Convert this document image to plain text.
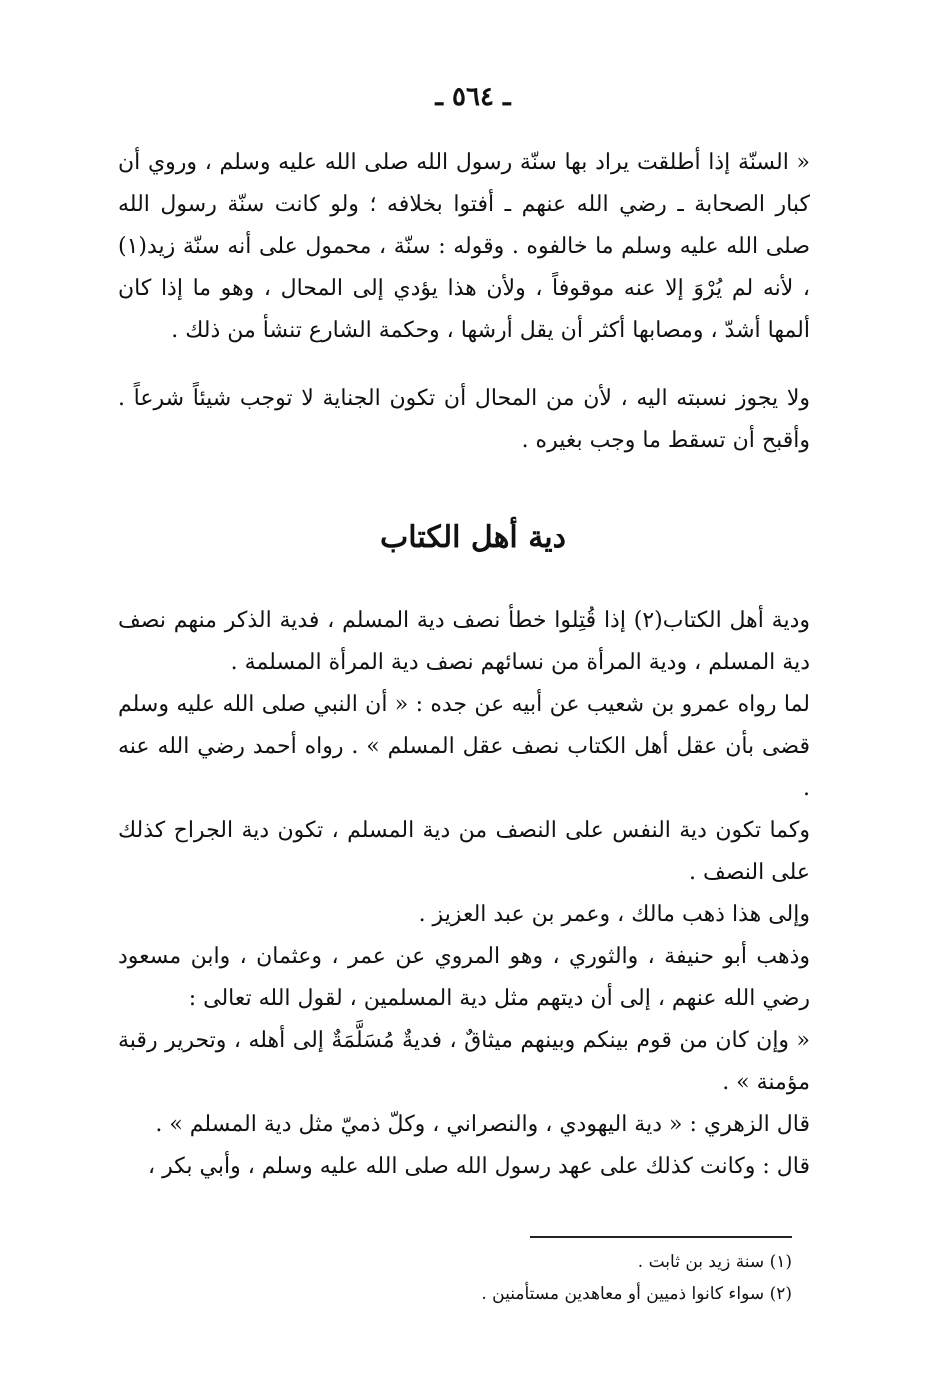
ـ ٥٦٤ ـ

« السنّة إذا أطلقت يراد بها سنّة رسول الله صلى الله عليه وسلم ، وروي أن كبار الصحابة ـ رضي الله عنهم ـ أفتوا بخلافه ؛ ولو كانت سنّة رسول الله صلى الله عليه وسلم ما خالفوه . وقوله : سنّة ، محمول على أنه سنّة زيد(١) ، لأنه لم يُرْوَ إلا عنه موقوفاً ، ولأن هذا يؤدي إلى المحال ، وهو ما إذا كان ألمها أشدّ ، ومصابها أكثر أن يقل أرشها ، وحكمة الشارع تنشأ من ذلك .

ولا يجوز نسبته اليه ، لأن من المحال أن تكون الجناية لا توجب شيئاً شرعاً . وأقبح أن تسقط ما وجب بغيره .

دية أهل الكتاب

ودية أهل الكتاب(٢) إذا قُتِلوا خطأ نصف دية المسلم ، فدية الذكر منهم نصف دية المسلم ، ودية المرأة من نسائهم نصف دية المرأة المسلمة .

لما رواه عمرو بن شعيب عن أبيه عن جده : « أن النبي صلى الله عليه وسلم قضى بأن عقل أهل الكتاب نصف عقل المسلم » . رواه أحمد رضي الله عنه .

وكما تكون دية النفس على النصف من دية المسلم ، تكون دية الجراح كذلك على النصف .

وإلى هذا ذهب مالك ، وعمر بن عبد العزيز .

وذهب أبو حنيفة ، والثوري ، وهو المروي عن عمر ، وعثمان ، وابن مسعود رضي الله عنهم ، إلى أن ديتهم مثل دية المسلمين ، لقول الله تعالى :

« وإن كان من قوم بينكم وبينهم ميثاقٌ ، فديةٌ مُسَلَّمَةٌ إلى أهله ، وتحرير رقبة مؤمنة » .

قال الزهري : « دية اليهودي ، والنصراني ، وكلّ ذميّ مثل دية المسلم » .

قال : وكانت كذلك على عهد رسول الله صلى الله عليه وسلم ، وأبي بكر ،

(١) سنة زيد بن ثابت .

(٢) سواء كانوا ذميين أو معاهدين مستأمنين .
